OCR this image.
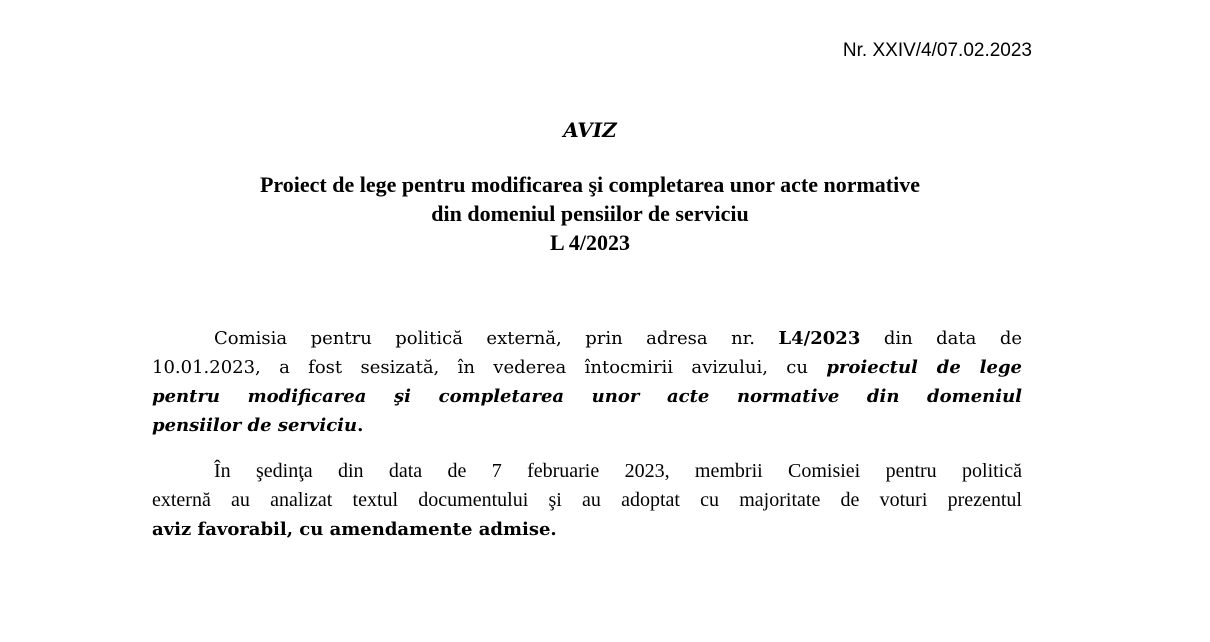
Nr. XXIV/4/07.02.2023
AVIZ
Proiect de lege pentru modificarea şi completarea unor acte normative
din domeniul pensiilor de serviciu
L 4/2023
Comisia pentru politică externă, prin adresa nr. L4/2023 din data de
10.01.2023, a fost sesizată, în vederea întocmirii avizului, cu proiectul de lege
pentru modificarea şi completarea unor acte normative din domeniul
pensiilor de serviciu.
În şedinţa din data de 7 februarie 2023, membrii Comisiei pentru politică
externă au analizat textul documentului şi au adoptat cu majoritate de voturi prezentul
aviz favorabil, cu amendamente admise.
